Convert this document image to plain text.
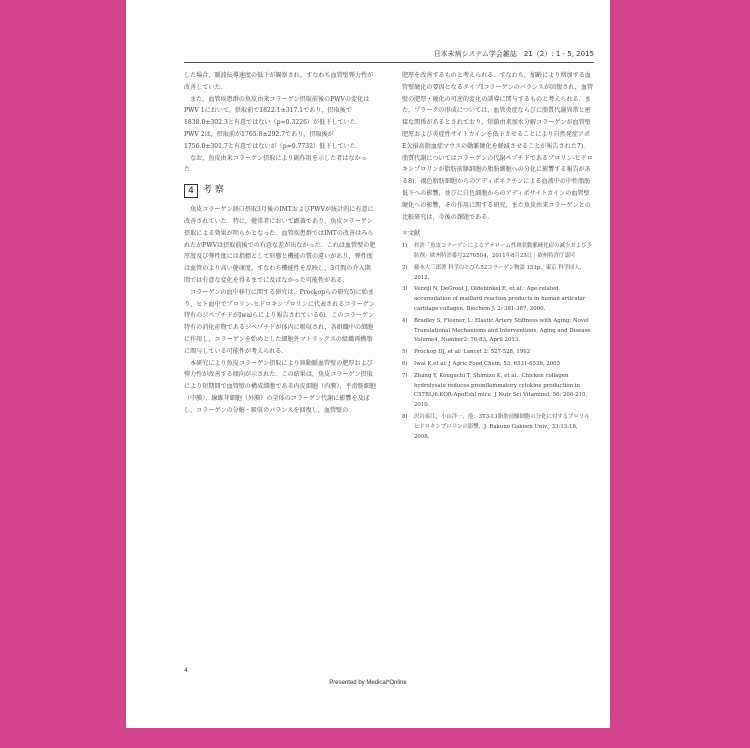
日本未病システム学会雑誌　21（2）: 1 - 5, 2015

した場合，脈波伝導速度の低下が観察され，すなわち血管壁弾力性が改善していた．

また，血管疾患群の魚皮由来コラーゲン摂取前後のPWVの変化はPWV 1において，摂取前で1822.1±317.1であり，摂取後で1838.0±302.3と有意ではない（p=0.3226）が低下していた．PWV 2は，摂取前が1765.8±292.7であり，摂取後が1756.0±301.7と有意ではないが（p=0.7732）低下していた．

なお，魚皮由来コラーゲン摂取により副作用を示した者はなかった．

4	考 察

魚皮コラーゲン経口摂取3月後のIMTおよびPWVが統計的に有意に改善されていた．特に，健常者において顕著であり，魚皮コラーゲン摂取による効果が明らかとなった．血管疾患群ではIMTの改善はみられたがPWVは摂取前後での有意な差が出なかった．これは血管壁の肥厚度及び弾性度には指標として形態と機能の質の違いがあり，弾性度は血管のより高い健康度，すなわち機能性を反映し，3月間の介入期間では有意な変化を得るまでに及ばなかった可能性がある．

コラーゲンの血中移行に関する研究は，Prockopらの研究5)に始まり，ヒト血中でプロリン-ヒドロキシプロリンに代表されるコラーゲン特有のジペプチドがIwaiらにより報告されている6)．このコラーゲン特有の消化産物であるジペプチドが体内に吸収され，各組織中の細胞に作用し，コラーゲンを始めとした細胞外マトリックスの組織再構築に関与している可能性が考えられる．

本研究により魚皮コラーゲン摂取により頸動脈血管壁の肥厚および弾力性が改善する傾向が示された．この結果は，魚皮コラーゲン摂取により短期間で血管壁の構成細胞である内皮細胞（内膜），平滑筋細胞（中膜），線維芽細胞（外膜）の全体のコラーゲン代謝に影響を及ぼし，コラーゲンの分解・吸収のバランスを回復し，血管壁の

肥厚を改善するものと考えられる．すなわち，加齢により増加する血管壁硬化の要因となるタイプIコラーゲンのバランスが回復され，血管壁の肥厚・硬化の可逆的変化の誘導に関与するものと考えられる．また，プラークの形成については，血管炎症ならびに脂質代謝異常と密接な関係があるとされており，短鎖由来加水分解コラーゲンが血管壁肥厚および炎症性サイトカインを低下させることにより自然発症アポE欠損高脂血症マウスの動脈硬化を軽減させることが報告された7)．脂質代謝についてはコラーゲンの代謝ペプチドであるプロリン-ヒドロキシプロリンが脂肪前駆細胞の脂肪細胞への分化に影響する報告がある8)．褐色脂肪細胞からのアディポネクチンによる血液中の中性脂肪低下への影響，並びに白色細胞からのアディポサイトカインの血管壁硬化への影響，その作用に関する研究，また魚皮由来コラーゲンとの比較研究は，今後の課題である．

＊文献
1)	杉許「魚皮コラーゲンによるアテローム性斑状動脈硬化症の減少および予防剤」欧州特許番号2276504，2011年8月23日｜欧州特許庁認可
2)	藤本大三郎著 科学のとびら52コラーゲン物語 151p，東京 科学同人，2012.
3)	Verzijl N, DeGroot J, Oldehinkel E, et al.: Age-related accumulation of maillard reaction products in human articular cartilage collagen. Biochem J. 2: 381-387, 2000.
4)	Bradley S, Fleenor, L: Elastic Artery Stiffness with Aging: Novel Translational Mechanisms and Interventions, Aging and Disease Volume4, Number2: 76-83, April 2013.
5)	Prockop DJ, et al: Lancet 2: 527-528, 1962
6)	Iwai K,et al: J Agric Food Chem, 53, 6531-6536, 2005
7)	Zhang Y, Kouguchi T, Shimizu K, et al.: Chicken collagen hydrolysate reduces proinflammatory cytokine production in C57BL/6.KOR-ApoEshl mice. J Nutr Sci Vitaminol, 56: 208-210, 2010.
8)	沢谷泰江，小山洋一，他：3T3-L1脂肪前駆細胞の分化に対するプロリルヒドロキシプロリンの影響．J. Rakuno Gakuen Univ., 33:13-18, 2008.
4
Presented by Medical*Online
